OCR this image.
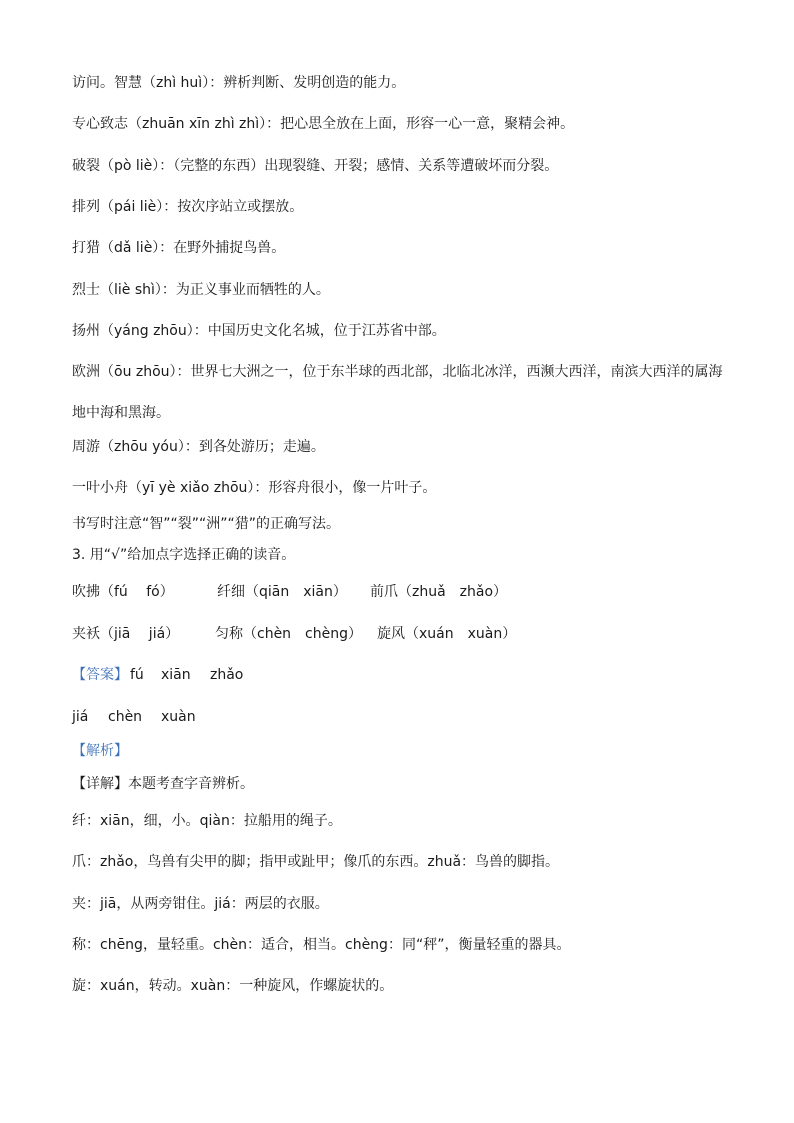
访问。智慧（zhì huì）：辨析判断、发明创造的能力。
专心致志（zhuān xīn zhì zhì）：把心思全放在上面，形容一心一意，聚精会神。
破裂（pò liè）：（完整的东西）出现裂缝、开裂；感情、关系等遭破坏而分裂。
排列（pái liè）：按次序站立或摆放。
打猎（dǎ liè）：在野外捕捉鸟兽。
烈士（liè shì）：为正义事业而牺牲的人。
扬州（yáng zhōu）：中国历史文化名城，位于江苏省中部。
欧洲（ōu zhōu）：世界七大洲之一，位于东半球的西北部，北临北冰洋，西濒大西洋，南滨大西洋的属海地中海和黑海。
周游（zhōu yóu）：到各处游历；走遍。
一叶小舟（yī yè xiǎo zhōu）：形容舟很小，像一片叶子。
书写时注意“智”“裂”“洲”“猎”的正确写法。
3. 用“√”给加点字选择正确的读音。
吹拂（fú　 fó）	纤细（qiān　xiān） 前爪（zhuǎ　zhǎo）
夹袄（jiā　 jiá）	匀称（chèn　chèng） 旋风（xuán　xuàn）
【答案】 fú xiān zhǎo
jiá chèn xuàn
【解析】
【详解】本题考查字音辨析。
纤：xiān，细，小。qiàn：拉船用的绳子。
爪：zhǎo，鸟兽有尖甲的脚；指甲或趾甲；像爪的东西。zhuǎ：鸟兽的脚指。
夹：jiā，从两旁钳住。jiá：两层的衣服。
称：chēng，量轻重。chèn：适合，相当。chèng：同“秤”，衡量轻重的器具。
旋：xuán，转动。xuàn：一种旋风，作螺旋状的。
